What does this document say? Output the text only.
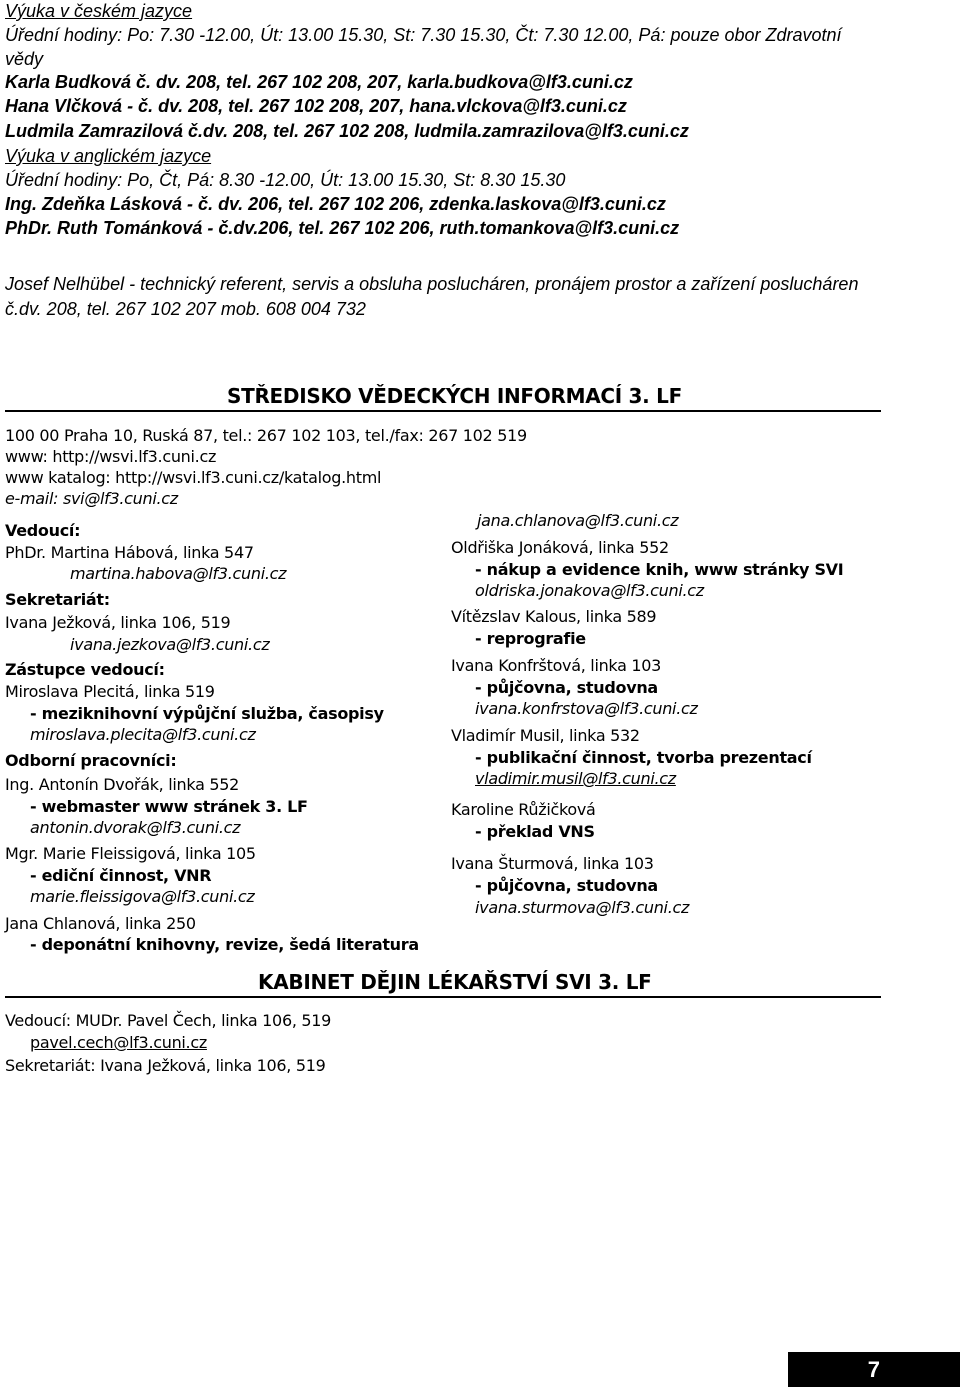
Výuka v českém jazyce
Úřední hodiny: Po: 7.30 -12.00, Út: 13.00 15.30, St: 7.30 15.30, Čt: 7.30 12.00, Pá: pouze obor Zdravotní
vědy
Karla Budková č. dv. 208, tel. 267 102 208, 207, karla.budkova@lf3.cuni.cz
Hana Vlčková - č. dv. 208, tel. 267 102 208, 207, hana.vlckova@lf3.cuni.cz
Ludmila Zamrazilová č.dv. 208, tel. 267 102 208, ludmila.zamrazilova@lf3.cuni.cz
Výuka v anglickém jazyce
Úřední hodiny: Po, Čt, Pá: 8.30 -12.00, Út: 13.00 15.30, St: 8.30 15.30
Ing. Zdeňka Lásková - č. dv. 206, tel. 267 102 206, zdenka.laskova@lf3.cuni.cz
PhDr. Ruth Tománková - č.dv.206, tel. 267 102 206, ruth.tomankova@lf3.cuni.cz
Josef Nelhübel - technický referent, servis a obsluha poslucháren, pronájem prostor a zařízení poslucháren
č.dv. 208, tel. 267 102 207 mob. 608 004 732
STŘEDISKO VĚDECKÝCH INFORMACÍ 3. LF
100 00 Praha 10, Ruská 87, tel.: 267 102 103, tel./fax: 267 102 519
www: http://wsvi.lf3.cuni.cz
www katalog: http://wsvi.lf3.cuni.cz/katalog.html
e-mail: svi@lf3.cuni.cz
Vedoucí:
PhDr. Martina Hábová, linka 547
martina.habova@lf3.cuni.cz
Sekretariát:
Ivana Ježková, linka 106, 519
ivana.jezkova@lf3.cuni.cz
Zástupce vedoucí:
Miroslava Plecitá, linka 519
- meziknihovní výpůjční služba, časopisy
miroslava.plecita@lf3.cuni.cz
Odborní pracovníci:
Ing. Antonín Dvořák, linka 552
- webmaster www stránek 3. LF
antonin.dvorak@lf3.cuni.cz
Mgr. Marie Fleissigová, linka 105
- ediční činnost, VNR
marie.fleissigova@lf3.cuni.cz
Jana Chlanová, linka 250
- deponátní knihovny, revize, šedá literatura
jana.chlanova@lf3.cuni.cz
Oldřiška Jonáková, linka 552
- nákup a evidence knih, www stránky SVI
oldriska.jonakova@lf3.cuni.cz
Vítězslav Kalous, linka 589
- reprografie
Ivana Konfrštová, linka 103
- půjčovna, studovna
ivana.konfrstova@lf3.cuni.cz
Vladimír Musil, linka 532
- publikační činnost, tvorba prezentací
vladimir.musil@lf3.cuni.cz
Karoline Růžičková
- překlad VNS
Ivana Šturmová, linka 103
- půjčovna, studovna
ivana.sturmova@lf3.cuni.cz
KABINET DĚJIN LÉKAŘSTVÍ SVI 3. LF
Vedoucí: MUDr. Pavel Čech, linka 106, 519
pavel.cech@lf3.cuni.cz
Sekretariát: Ivana Ježková, linka 106, 519
7
